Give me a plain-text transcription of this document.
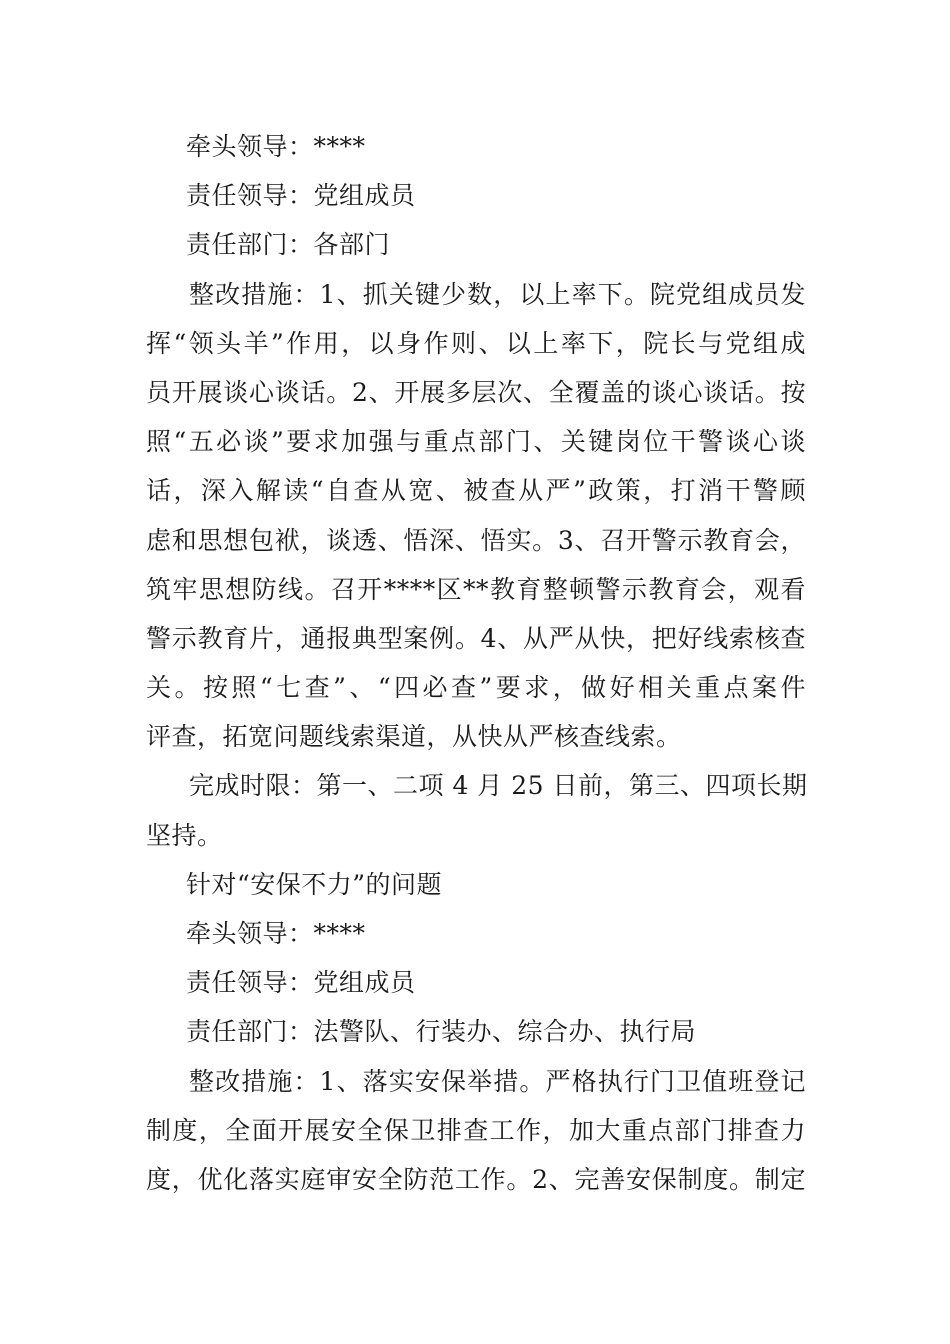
牵头领导：****
责任领导：党组成员
责任部门：各部门
整改措施：1、抓关键少数，以上率下。院党组成员发
挥“领头羊”作用，以身作则、以上率下，院长与党组成
员开展谈心谈话。2、开展多层次、全覆盖的谈心谈话。按
照“五必谈”要求加强与重点部门、关键岗位干警谈心谈
话，深入解读“自查从宽、被查从严”政策，打消干警顾
虑和思想包袱，谈透、悟深、悟实。3、召开警示教育会，
筑牢思想防线。召开****区**教育整顿警示教育会，观看
警示教育片，通报典型案例。4、从严从快，把好线索核查
关。按照“七查”、“四必查”要求，做好相关重点案件
评查，拓宽问题线索渠道，从快从严核查线索。
完成时限：第一、二项 4 月 25 日前，第三、四项长期
坚持。
针对“安保不力”的问题
牵头领导：****
责任领导：党组成员
责任部门：法警队、行装办、综合办、执行局
整改措施：1、落实安保举措。严格执行门卫值班登记
制度，全面开展安全保卫排查工作，加大重点部门排查力
度，优化落实庭审安全防范工作。2、完善安保制度。制定
